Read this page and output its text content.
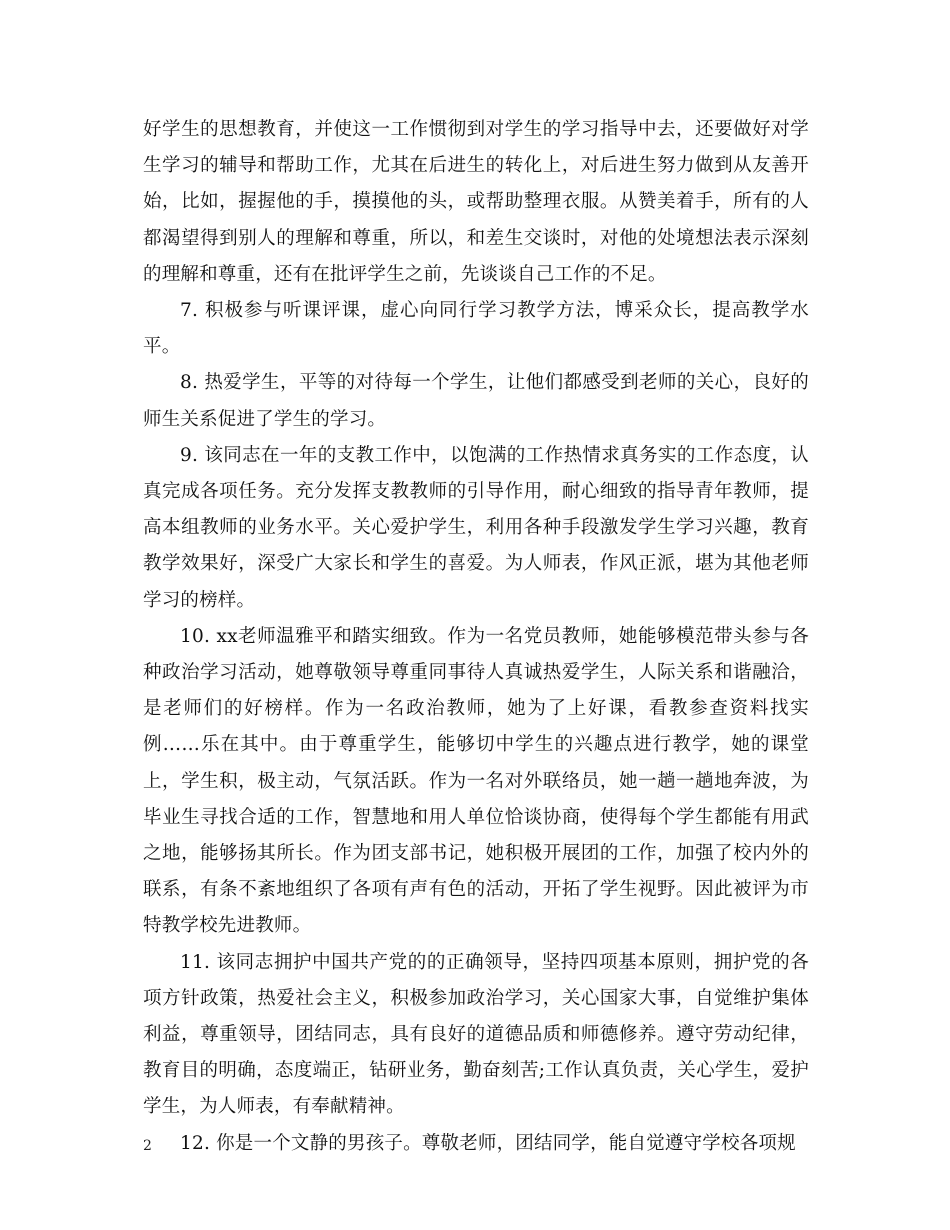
好学生的思想教育，并使这一工作惯彻到对学生的学习指导中去，还要做好对学生学习的辅导和帮助工作，尤其在后进生的转化上，对后进生努力做到从友善开始，比如，握握他的手，摸摸他的头，或帮助整理衣服。从赞美着手，所有的人都渴望得到别人的理解和尊重，所以，和差生交谈时，对他的处境想法表示深刻的理解和尊重，还有在批评学生之前，先谈谈自己工作的不足。

7. 积极参与听课评课，虚心向同行学习教学方法，博采众长，提高教学水平。

8. 热爱学生，平等的对待每一个学生，让他们都感受到老师的关心，良好的师生关系促进了学生的学习。

9. 该同志在一年的支教工作中，以饱满的工作热情求真务实的工作态度，认真完成各项任务。充分发挥支教教师的引导作用，耐心细致的指导青年教师，提高本组教师的业务水平。关心爱护学生，利用各种手段激发学生学习兴趣，教育教学效果好，深受广大家长和学生的喜爱。为人师表，作风正派，堪为其他老师学习的榜样。

10. xx老师温雅平和踏实细致。作为一名党员教师，她能够模范带头参与各种政治学习活动，她尊敬领导尊重同事待人真诚热爱学生，人际关系和谐融洽，是老师们的好榜样。作为一名政治教师，她为了上好课，看教参查资料找实例……乐在其中。由于尊重学生，能够切中学生的兴趣点进行教学，她的课堂上，学生积，极主动，气氛活跃。作为一名对外联络员，她一趟一趟地奔波，为毕业生寻找合适的工作，智慧地和用人单位恰谈协商，使得每个学生都能有用武之地，能够扬其所长。作为团支部书记，她积极开展团的工作，加强了校内外的联系，有条不紊地组织了各项有声有色的活动，开拓了学生视野。因此被评为市特教学校先进教师。

11. 该同志拥护中国共产党的的正确领导，坚持四项基本原则，拥护党的各项方针政策，热爱社会主义，积极参加政治学习，关心国家大事，自觉维护集体利益，尊重领导，团结同志，具有良好的道德品质和师德修养。遵守劳动纪律，教育目的明确，态度端正，钻研业务，勤奋刻苦;工作认真负责，关心学生，爱护学生，为人师表，有奉献精神。

12. 你是一个文静的男孩子。尊敬老师，团结同学，能自觉遵守学校各项规

2
